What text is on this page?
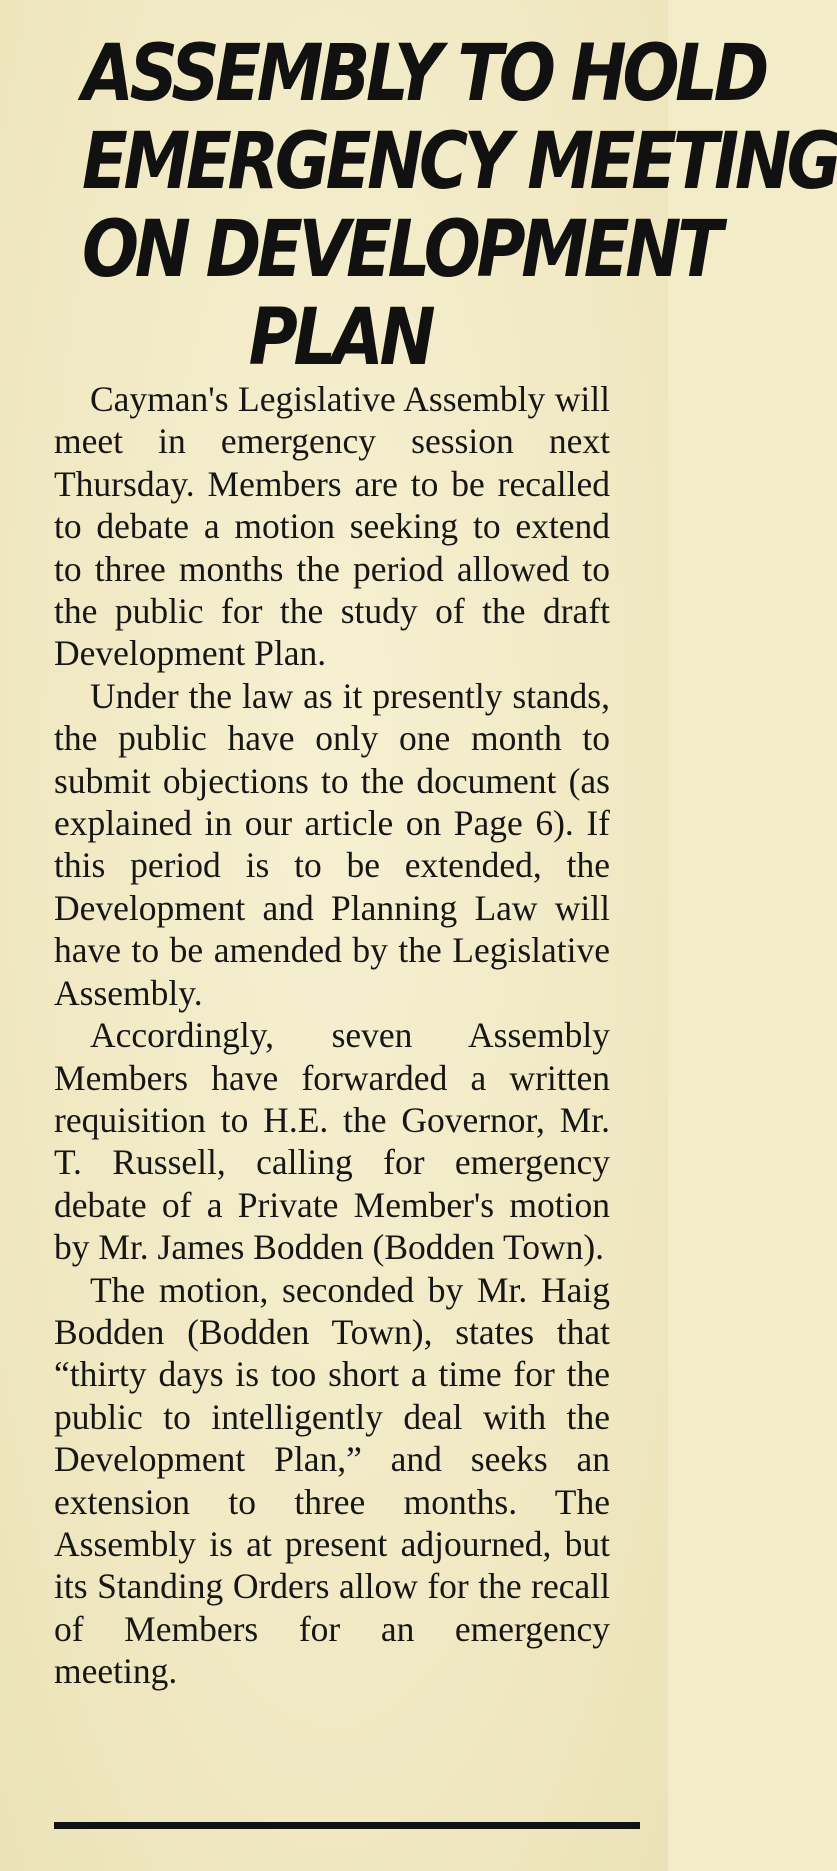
ASSEMBLY TO HOLD
EMERGENCY MEETING
ON DEVELOPMENT
PLAN

Cayman's Legislative Assembly will meet in emergency session next Thursday. Members are to be recalled to debate a motion seeking to extend to three months the period allowed to the public for the study of the draft Development Plan.

Under the law as it presently stands, the public have only one month to submit objections to the document (as explained in our article on Page 6). If this period is to be extended, the Development and Planning Law will have to be amended by the Legislative Assembly.

Accordingly, seven Assembly Members have forwarded a written requisition to H.E. the Governor, Mr. T. Russell, calling for emergency debate of a Private Member's motion by Mr. James Bodden (Bodden Town).

The motion, seconded by Mr. Haig Bodden (Bodden Town), states that “thirty days is too short a time for the public to intelligently deal with the Development Plan,” and seeks an extension to three months. The Assembly is at present adjourned, but its Standing Orders allow for the recall of Members for an emergency meeting.
